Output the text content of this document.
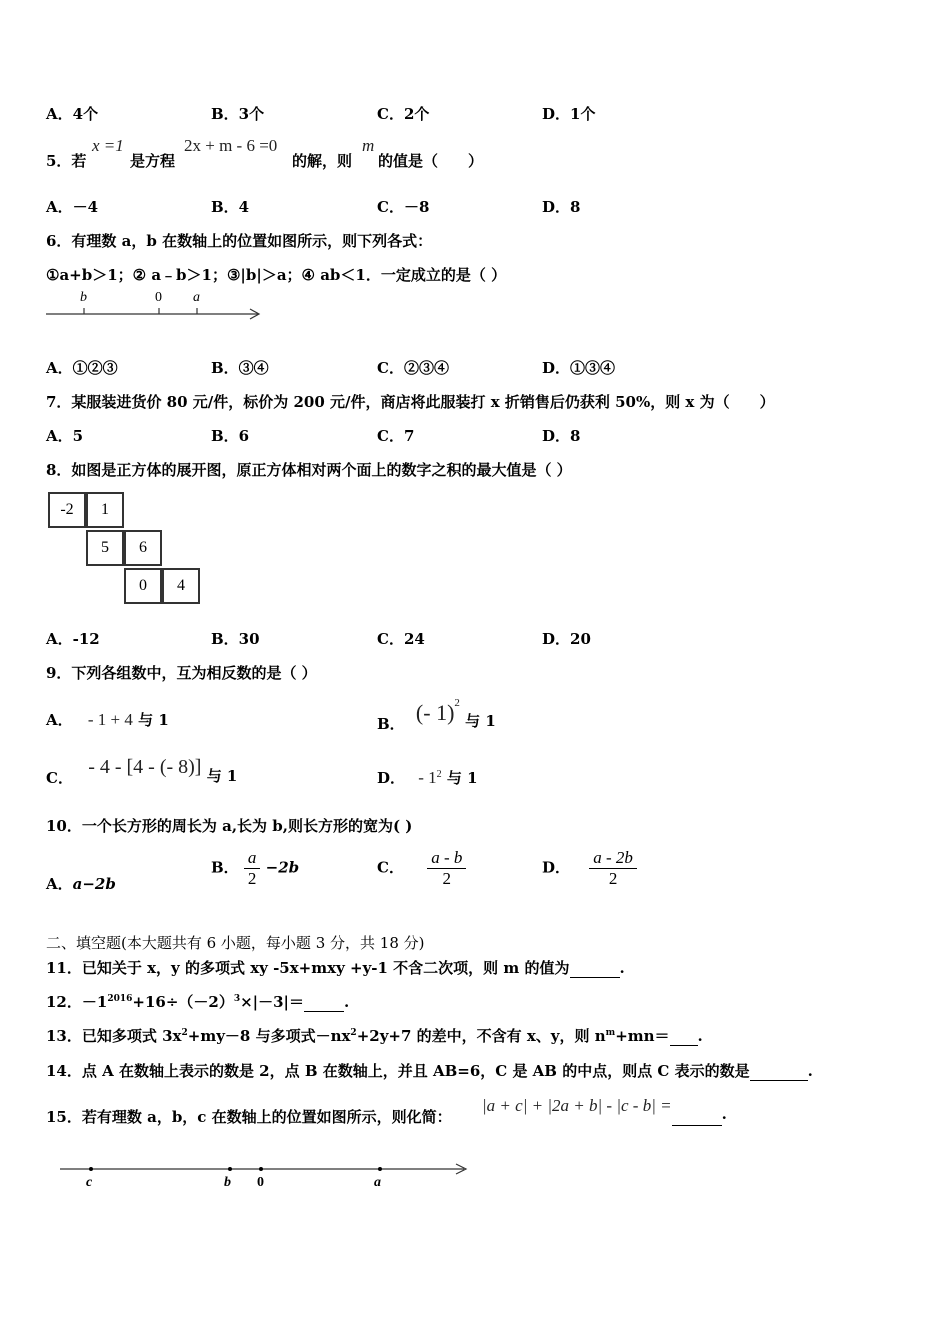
A．4个	B．3个	C．2个	D．1个
5．若
x =1
是方程
2x + m - 6 =0
的解，则
m
的值是（　　）
A．－4	B．4	C．－8	D．8
6．有理数 a，b 在数轴上的位置如图所示，则下列各式：
①a+b＞1；② a﹣b＞1；③|b|＞a；④ ab＜1．一定成立的是（ ）
b	0 a
A．①②③	B．③④	C．②③④	D．①③④
7．某服装进货价 80 元/件，标价为 200 元/件，商店将此服装打 x 折销售后仍获利 50%，则 x 为（　　）
A．5	B．6	C．7	D．8
8．如图是正方体的展开图，原正方体相对两个面上的数字之积的最大值是（ ）
-2	1
5	6
0	4
A．-12	B．30	C．24	D．20
9．下列各组数中，互为相反数的是（ ）
A． - 1 + 4 与 1	B． (- 1)$^2$ 与 1
C． - 4 - [4 - (- 8)] 与 1	D． - $1^2$ 与 1
10．一个长方形的周长为 a,长为 b,则长方形的宽为( )
A．a−2b
B． $\frac{a}{2} -2b$	C． $\frac{a - b}{2}$	D． $\frac{a - 2b}{2}$
二、填空题(本大题共有 6 小题，每小题 3 分，共 18 分)
11．已知关于 x，y 的多项式 xy -5x+mxy +y-1 不含二次项，则 m 的值为	.
12．$-1^{2016}+16\div(-2)^3\times|-3|=$	.
13．已知多项式 $3x^2+my-8$ 与多项式$-nx^2+2y+7$ 的差中，不含有 x、y，则 $n^m+mn=$ .
14．点 A 在数轴上表示的数是 2，点 B 在数轴上，并且 AB=6，C 是 AB 的中点，则点 C 表示的数是	.
15．若有理数 a，b，c 在数轴上的位置如图所示，则化简：
|a + c| + |2a + b| - |c - b| =	.
c	b 0	a
